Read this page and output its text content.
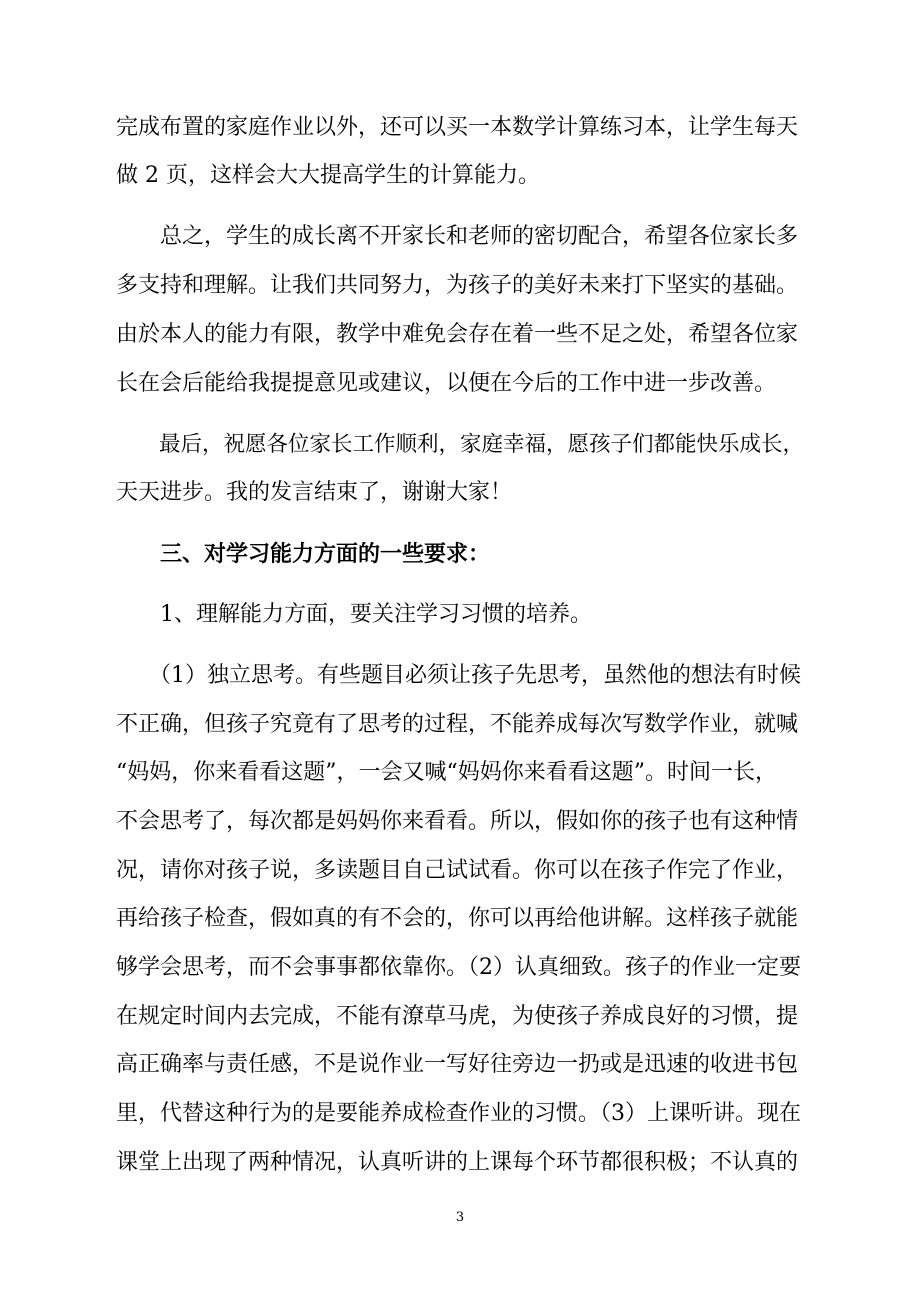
完成布置的家庭作业以外，还可以买一本数学计算练习本，让学生每天
做 2 页，这样会大大提高学生的计算能力。
　　总之，学生的成长离不开家长和老师的密切配合，希望各位家长多
多支持和理解。让我们共同努力，为孩子的美好未来打下坚实的基础。
由於本人的能力有限，教学中难免会存在着一些不足之处，希望各位家
长在会后能给我提提意见或建议，以便在今后的工作中进一步改善。
　　最后，祝愿各位家长工作顺利，家庭幸福，愿孩子们都能快乐成长，
天天进步。我的发言结束了，谢谢大家！
　　三、对学习能力方面的一些要求：
　　1、理解能力方面，要关注学习习惯的培养。
　　（1）独立思考。有些题目必须让孩子先思考，虽然他的想法有时候
不正确，但孩子究竟有了思考的过程，不能养成每次写数学作业，就喊
“妈妈，你来看看这题”，一会又喊“妈妈你来看看这题”。时间一长，
不会思考了，每次都是妈妈你来看看。所以，假如你的孩子也有这种情
况，请你对孩子说，多读题目自己试试看。你可以在孩子作完了作业，
再给孩子检查，假如真的有不会的，你可以再给他讲解。这样孩子就能
够学会思考，而不会事事都依靠你。（2）认真细致。孩子的作业一定要
在规定时间内去完成，不能有潦草马虎，为使孩子养成良好的习惯，提
高正确率与责任感，不是说作业一写好往旁边一扔或是迅速的收进书包
里，代替这种行为的是要能养成检查作业的习惯。（3）上课听讲。现在
课堂上出现了两种情况，认真听讲的上课每个环节都很积极；不认真的
3
